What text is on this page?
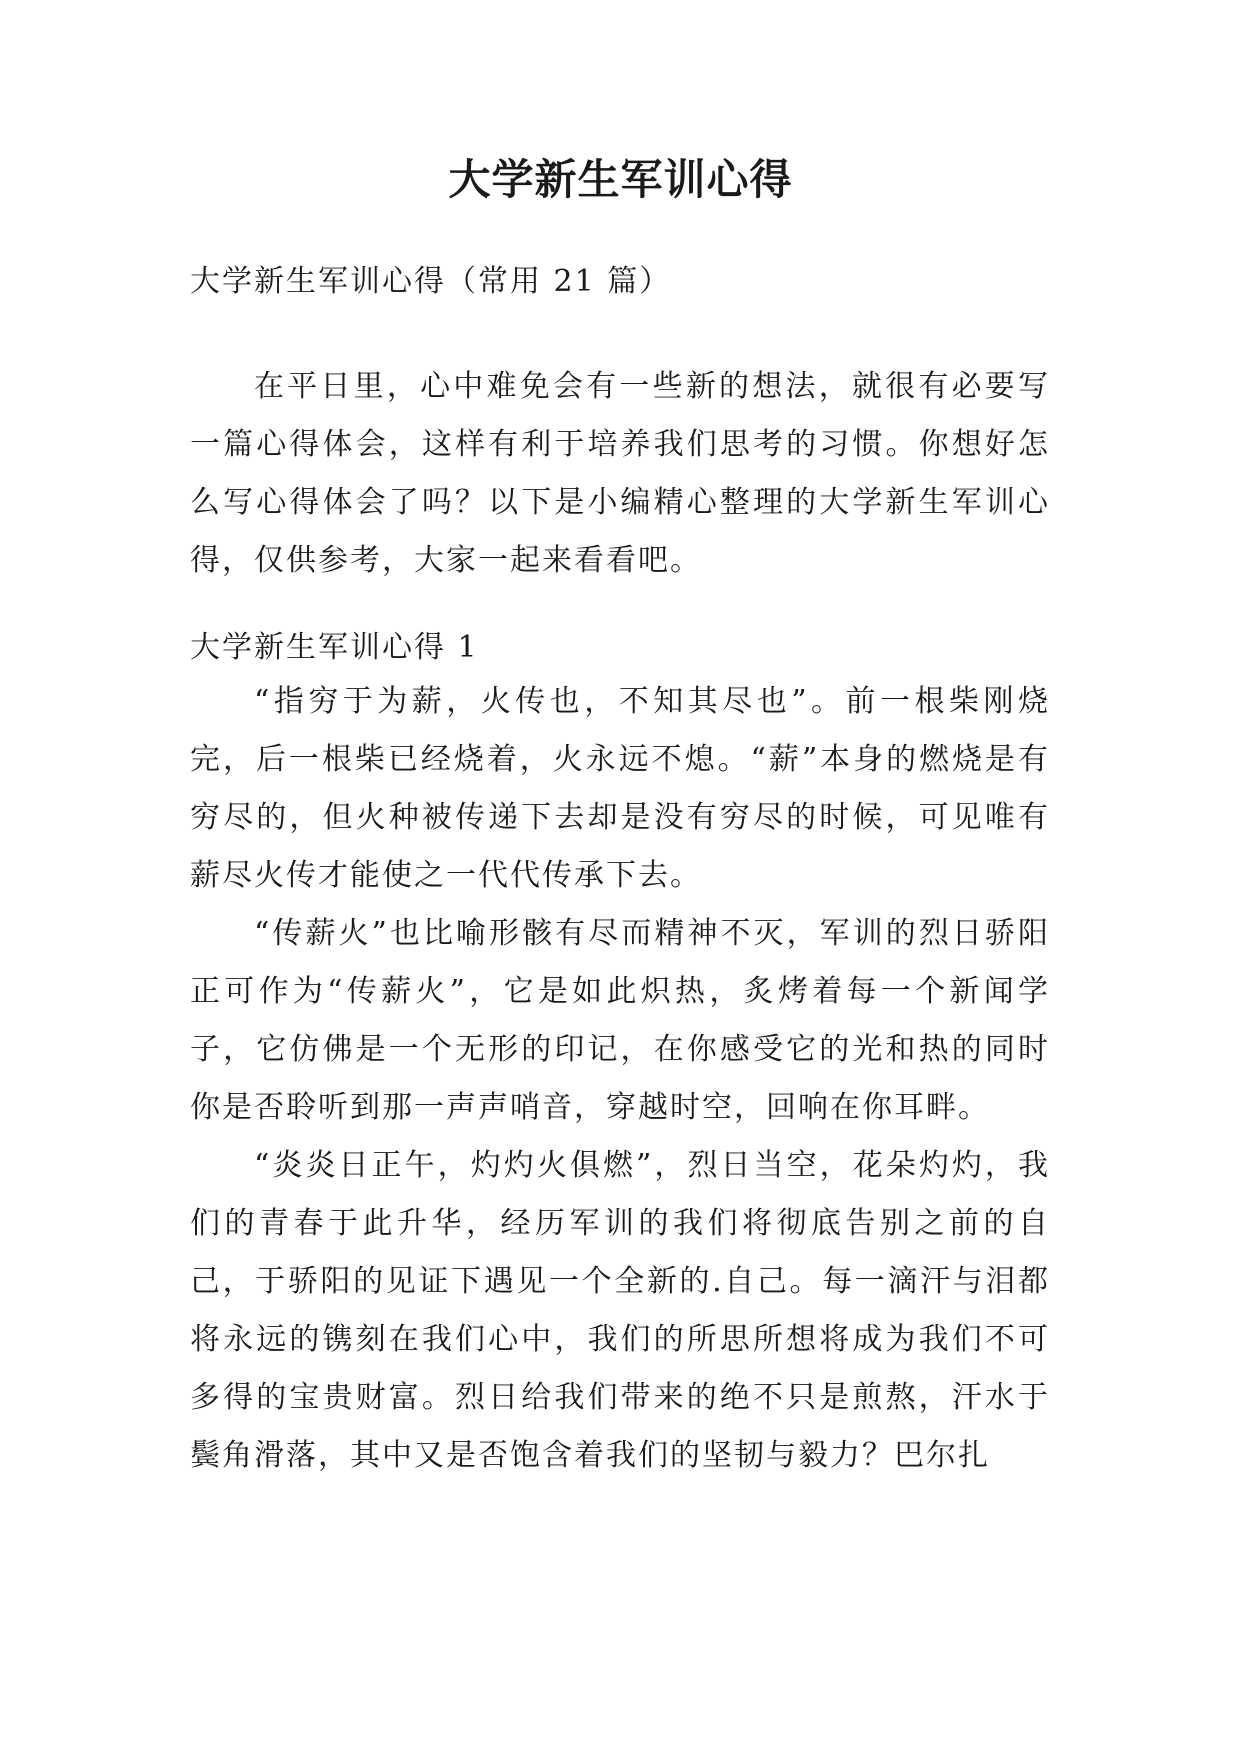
大学新生军训心得

大学新生军训心得（常用 21 篇）

在平日里，心中难免会有一些新的想法，就很有必要写一篇心得体会，这样有利于培养我们思考的习惯。你想好怎么写心得体会了吗？以下是小编精心整理的大学新生军训心得，仅供参考，大家一起来看看吧。

大学新生军训心得 1

“指穷于为薪，火传也，不知其尽也”。前一根柴刚烧完，后一根柴已经烧着，火永远不熄。“薪”本身的燃烧是有穷尽的，但火种被传递下去却是没有穷尽的时候，可见唯有薪尽火传才能使之一代代传承下去。

“传薪火”也比喻形骸有尽而精神不灭，军训的烈日骄阳正可作为“传薪火”，它是如此炽热，炙烤着每一个新闻学子，它仿佛是一个无形的印记，在你感受它的光和热的同时你是否聆听到那一声声哨音，穿越时空，回响在你耳畔。

“炎炎日正午，灼灼火俱燃”，烈日当空，花朵灼灼，我们的青春于此升华，经历军训的我们将彻底告别之前的自己，于骄阳的见证下遇见一个全新的.自己。每一滴汗与泪都将永远的镌刻在我们心中，我们的所思所想将成为我们不可多得的宝贵财富。烈日给我们带来的绝不只是煎熬，汗水于鬓角滑落，其中又是否饱含着我们的坚韧与毅力？巴尔扎
